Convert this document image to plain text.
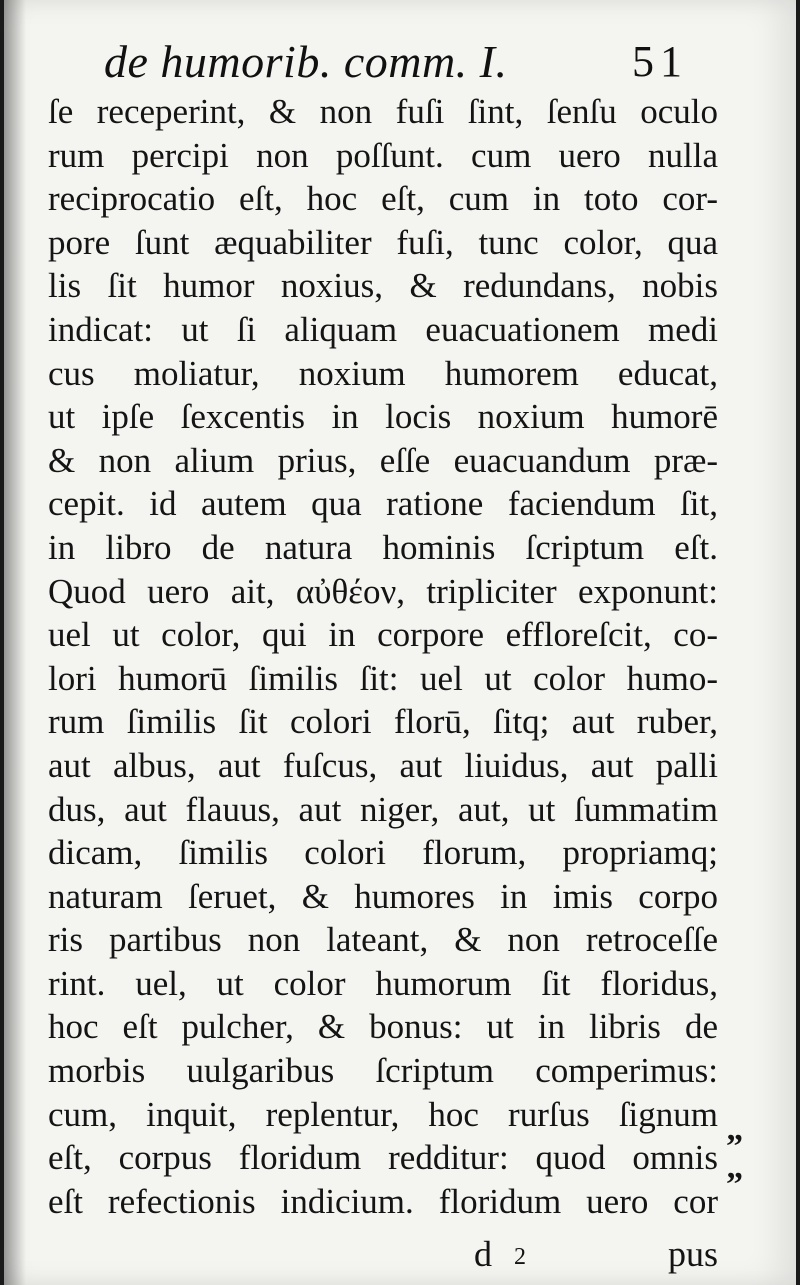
de humorib. comm. I.	51
ſe receperint, & non fuſi ſint, ſenſu oculo
rum percipi non poſſunt. cum uero nulla
reciprocatio eſt, hoc eſt, cum in toto cor-
pore ſunt æquabiliter fuſi, tunc color, qua
lis ſit humor noxius, & redundans, nobis
indicat: ut ſi aliquam euacuationem medi
cus moliatur, noxium humorem educat,
ut ipſe ſexcentis in locis noxium humorē
& non alium prius, eſſe euacuandum præ-
cepit. id autem qua ratione faciendum ſit,
in libro de natura hominis ſcriptum eſt.
Quod uero ait, αὐθέον, tripliciter exponunt:
uel ut color, qui in corpore effloreſcit, co-
lori humorū ſimilis ſit: uel ut color humo-
rum ſimilis ſit colori florū, ſitq; aut ruber,
aut albus, aut fuſcus, aut liuidus, aut palli
dus, aut flauus, aut niger, aut, ut ſummatim
dicam, ſimilis colori florum, propriamq;
naturam ſeruet, & humores in imis corpo
ris partibus non lateant, & non retroceſſe
rint. uel, ut color humorum ſit floridus,
hoc eſt pulcher, & bonus: ut in libris de
morbis uulgaribus ſcriptum comperimus:
cum, inquit, replentur, hoc rurſus ſignum
eſt, corpus floridum redditur: quod omnis
eſt refectionis indicium. floridum uero cor
”
”
d 2	pus
